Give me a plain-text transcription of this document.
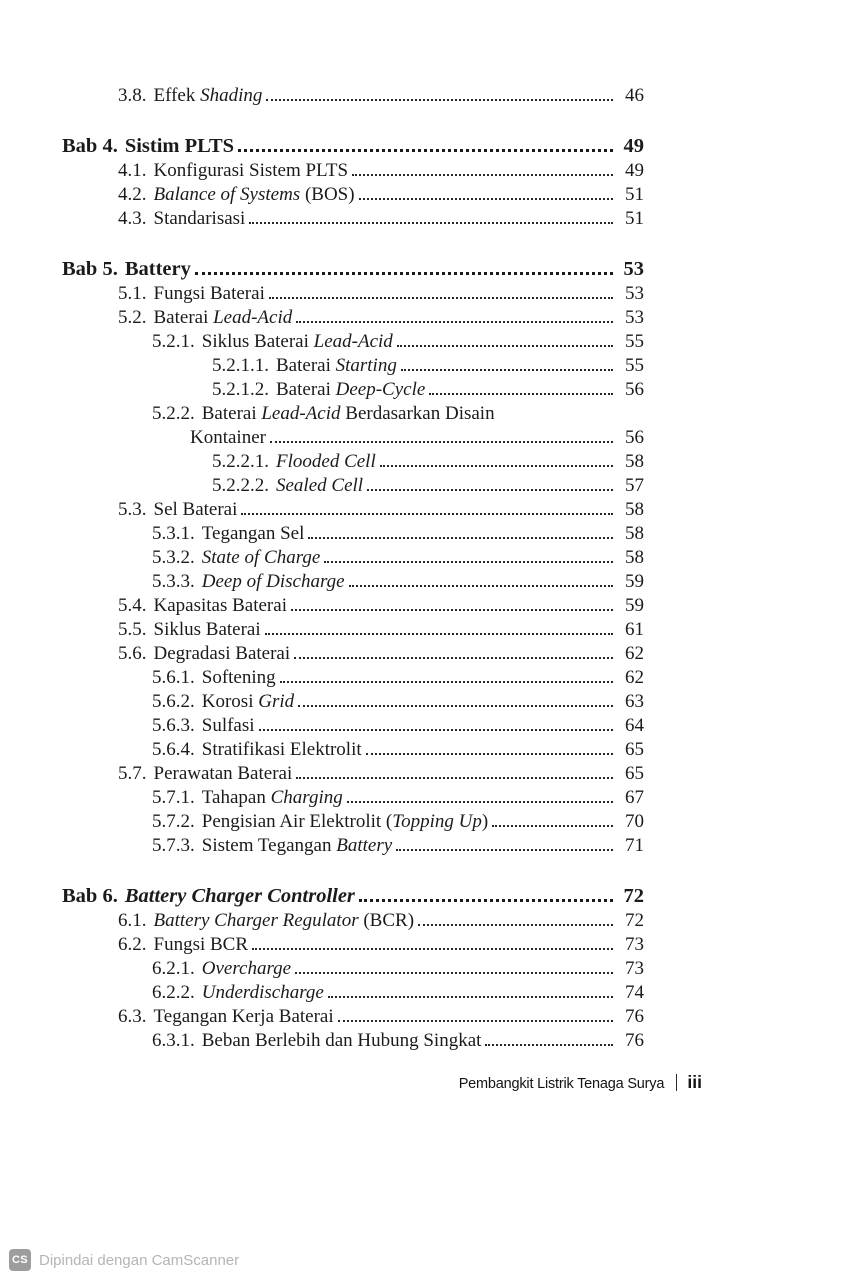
3.8. Effek Shading	46
Bab 4. Sistim PLTS	49
4.1. Konfigurasi Sistem PLTS	49
4.2. Balance of Systems (BOS)	51
4.3. Standarisasi	51
Bab 5. Battery	53
5.1. Fungsi Baterai	53
5.2. Baterai Lead-Acid	53
5.2.1. Siklus Baterai Lead-Acid	55
5.2.1.1. Baterai Starting	55
5.2.1.2. Baterai Deep-Cycle	56
5.2.2. Baterai Lead-Acid Berdasarkan Disain
Kontainer	56
5.2.2.1. Flooded Cell	58
5.2.2.2. Sealed Cell	57
5.3. Sel Baterai	58
5.3.1. Tegangan Sel	58
5.3.2. State of Charge	58
5.3.3. Deep of Discharge	59
5.4. Kapasitas Baterai	59
5.5. Siklus Baterai	61
5.6. Degradasi Baterai	62
5.6.1. Softening	62
5.6.2. Korosi Grid	63
5.6.3. Sulfasi	64
5.6.4. Stratifikasi Elektrolit	65
5.7. Perawatan Baterai	65
5.7.1. Tahapan Charging	67
5.7.2. Pengisian Air Elektrolit (Topping Up)	70
5.7.3. Sistem Tegangan Battery	71
Bab 6. Battery Charger Controller	72
6.1. Battery Charger Regulator (BCR)	72
6.2. Fungsi BCR	73
6.2.1. Overcharge	73
6.2.2. Underdischarge	74
6.3. Tegangan Kerja Baterai	76
6.3.1. Beban Berlebih dan Hubung Singkat	76
Pembangkit Listrik Tenaga Surya iii
CS Dipindai dengan CamScanner
